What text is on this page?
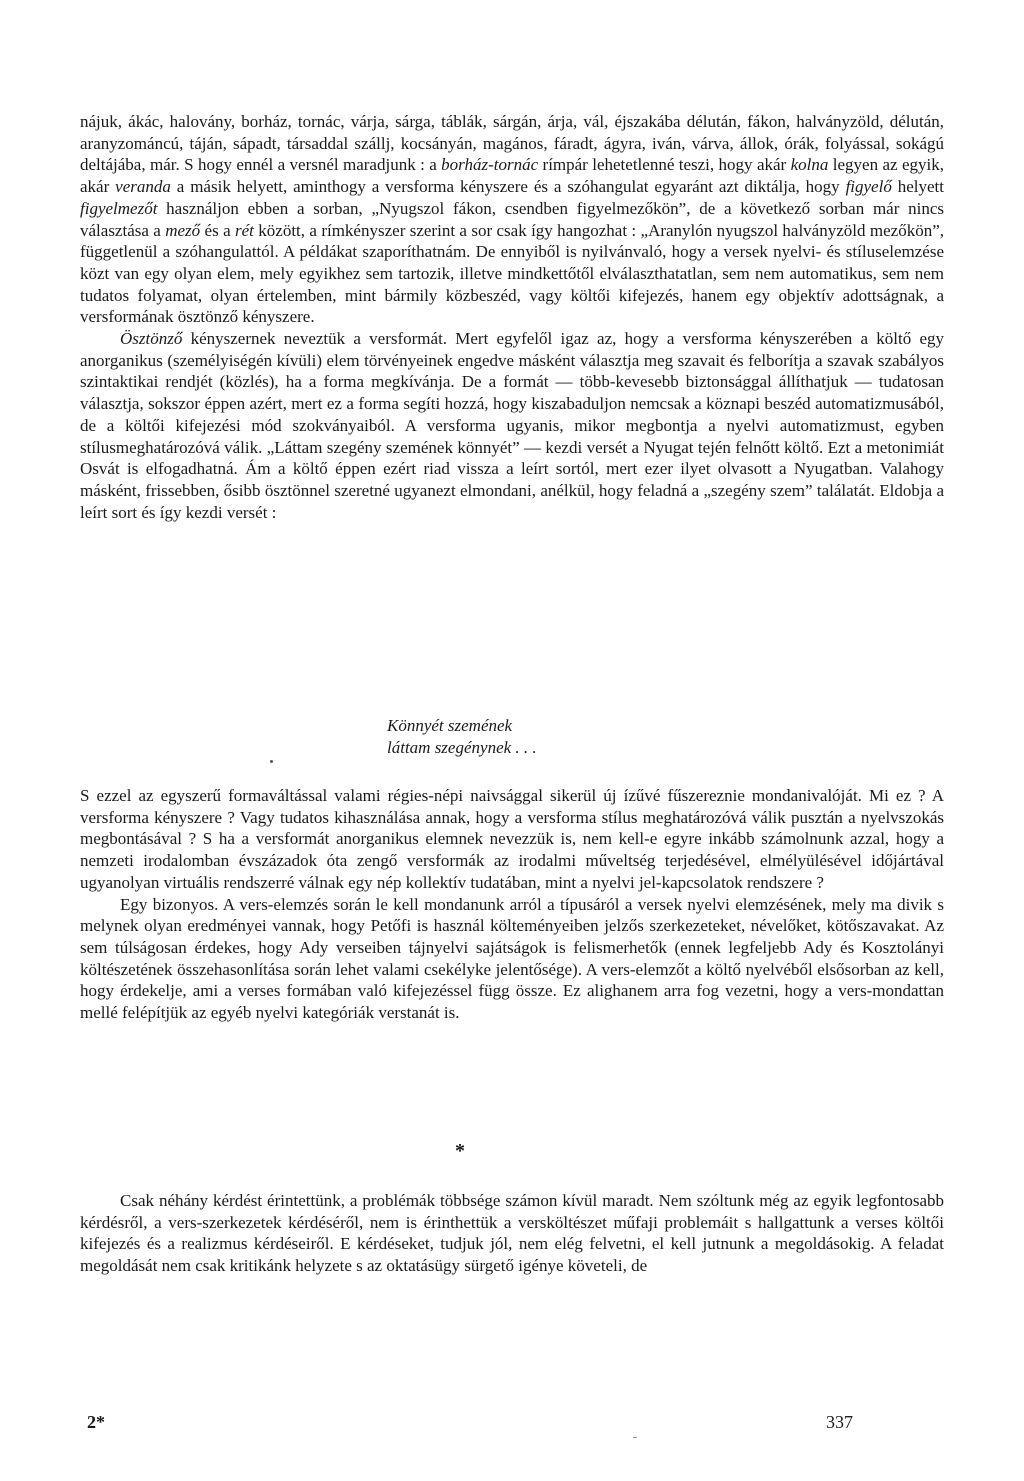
nájuk, ákác, halovány, borház, tornác, várja, sárga, táblák, sárgán, árja, vál, éjszakába délután, fákon, halványzöld, délután, aranyzománcú, táján, sápadt, társaddal szállj, kocsányán, magános, fáradt, ágyra, iván, várva, állok, órák, folyással, sokágú deltájába, már. S hogy ennél a versnél maradjunk : a borház-tornác rímpár lehetetlenné teszi, hogy akár kolna legyen az egyik, akár veranda a másik helyett, aminthogy a versforma kényszere és a szóhangulat egyaránt azt diktálja, hogy figyelő helyett figyelmezőt használjon ebben a sorban, „Nyugszol fákon, csendben figyelmezőkön”, de a következő sorban már nincs választása a mező és a rét között, a rímkényszer szerint a sor csak így hangozhat : „Aranylón nyugszol halványzöld mezőkön”, függetlenül a szóhangulattól. A példákat szaporíthatnám. De ennyiből is nyilvánvaló, hogy a versek nyelvi- és stíluselemzése közt van egy olyan elem, mely egyikhez sem tartozik, illetve mindkettőtől elválaszthatatlan, sem nem automatikus, sem nem tudatos folyamat, olyan értelemben, mint bármily közbeszéd, vagy költői kifejezés, hanem egy objektív adottságnak, a versformának ösztönző kényszere.

Ösztönző kényszernek neveztük a versformát. Mert egyfelől igaz az, hogy a versforma kényszerében a költő egy anorganikus (személyiségén kívüli) elem törvényeinek engedve másként választja meg szavait és felborítja a szavak szabályos szintaktikai rendjét (közlés), ha a forma megkívánja. De a formát — több-kevesebb biztonsággal állíthatjuk — tudatosan választja, sokszor éppen azért, mert ez a forma segíti hozzá, hogy kiszabaduljon nemcsak a köznapi beszéd automatizmusából, de a költői kifejezési mód szokványaiból. A versforma ugyanis, mikor megbontja a nyelvi automatizmust, egyben stílusmeghatározóvá válik. „Láttam szegény szemének könnyét” — kezdi versét a Nyugat tején felnőtt költő. Ezt a metonimiát Osvát is elfogadhatná. Ám a költő éppen ezért riad vissza a leírt sortól, mert ezer ilyet olvasott a Nyugatban. Valahogy másként, frissebben, ősibb ösztönnel szeretné ugyanezt elmondani, anélkül, hogy feladná a „szegény szem” találatát. Eldobja a leírt sort és így kezdi versét :

Könnyét szemének
láttam szegénynek . . .

S ezzel az egyszerű formaváltással valami régies-népi naivsággal sikerül új ízűvé fűszereznie mondanivalóját. Mi ez ? A versforma kényszere ? Vagy tudatos kihasználása annak, hogy a versforma stílus meghatározóvá válik pusztán a nyelvszokás megbontásával ? S ha a versformát anorganikus elemnek nevezzük is, nem kell-e egyre inkább számolnunk azzal, hogy a nemzeti irodalomban évszázadok óta zengő versformák az irodalmi műveltség terjedésével, elmélyülésével időjártával ugyanolyan virtuális rendszerré válnak egy nép kollektív tudatában, mint a nyelvi jel-kapcsolatok rendszere ?

Egy bizonyos. A vers-elemzés során le kell mondanunk arról a típusáról a versek nyelvi elemzésének, mely ma divik s melynek olyan eredményei vannak, hogy Petőfi is használ költeményeiben jelzős szerkezeteket, névelőket, kötőszavakat. Az sem túlságosan érdekes, hogy Ady verseiben tájnyelvi sajátságok is felismerhetők (ennek legfeljebb Ady és Kosztolányi költészetének összehasonlítása során lehet valami csekélyke jelentősége). A vers-elemzőt a költő nyelvéből elsősorban az kell, hogy érdekelje, ami a verses formában való kifejezéssel függ össze. Ez alighanem arra fog vezetni, hogy a vers-mondattan mellé felépítjük az egyéb nyelvi kategóriák verstanát is.

*

Csak néhány kérdést érintettünk, a problémák többsége számon kívül maradt. Nem szóltunk még az egyik legfontosabb kérdésről, a vers-szerkezetek kérdéséről, nem is érinthettük a versköltészet műfaji problemáit s hallgattunk a verses költői kifejezés és a realizmus kérdéseiről. E kérdéseket, tudjuk jól, nem elég felvetni, el kell jutnunk a megoldásokig. A feladat megoldását nem csak kritikánk helyzete s az oktatásügy sürgető igénye követeli, de

2*	337
